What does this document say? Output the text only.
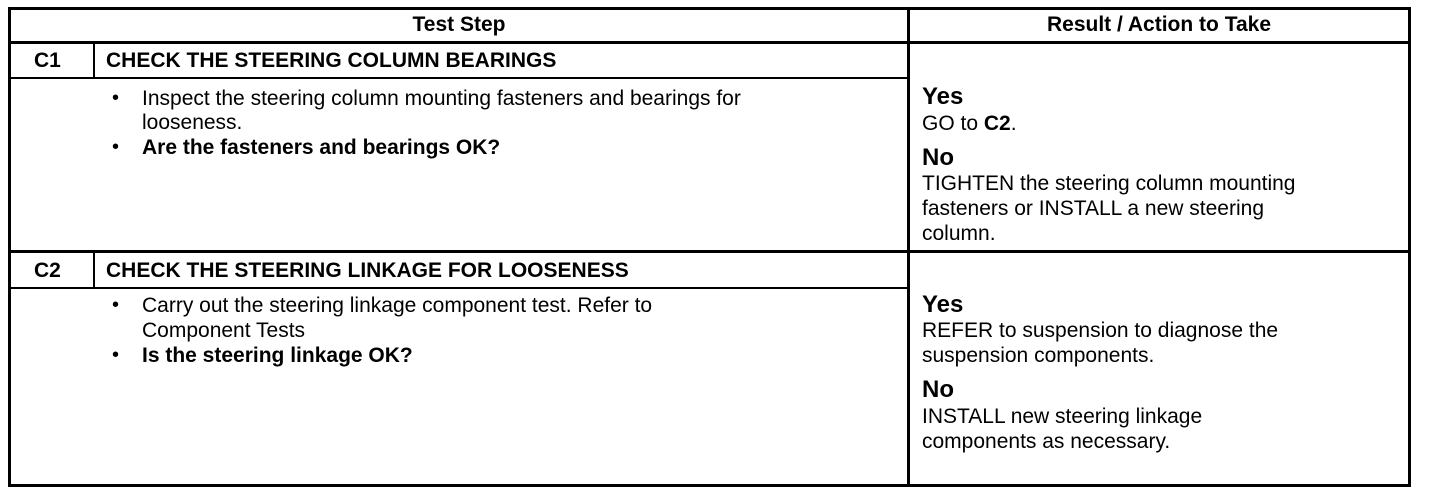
Test Step	Result / Action to Take
C1 CHECK THE STEERING COLUMN BEARINGS
• Inspect the steering column mounting fasteners and bearings for
looseness.
• Are the fasteners and bearings OK?
Yes
GO to C2.
No
TIGHTEN the steering column mounting
fasteners or INSTALL a new steering
column.
C2 CHECK THE STEERING LINKAGE FOR LOOSENESS
• Carry out the steering linkage component test. Refer to
Component Tests
• Is the steering linkage OK?
Yes
REFER to suspension to diagnose the
suspension components.
No
INSTALL new steering linkage
components as necessary.
